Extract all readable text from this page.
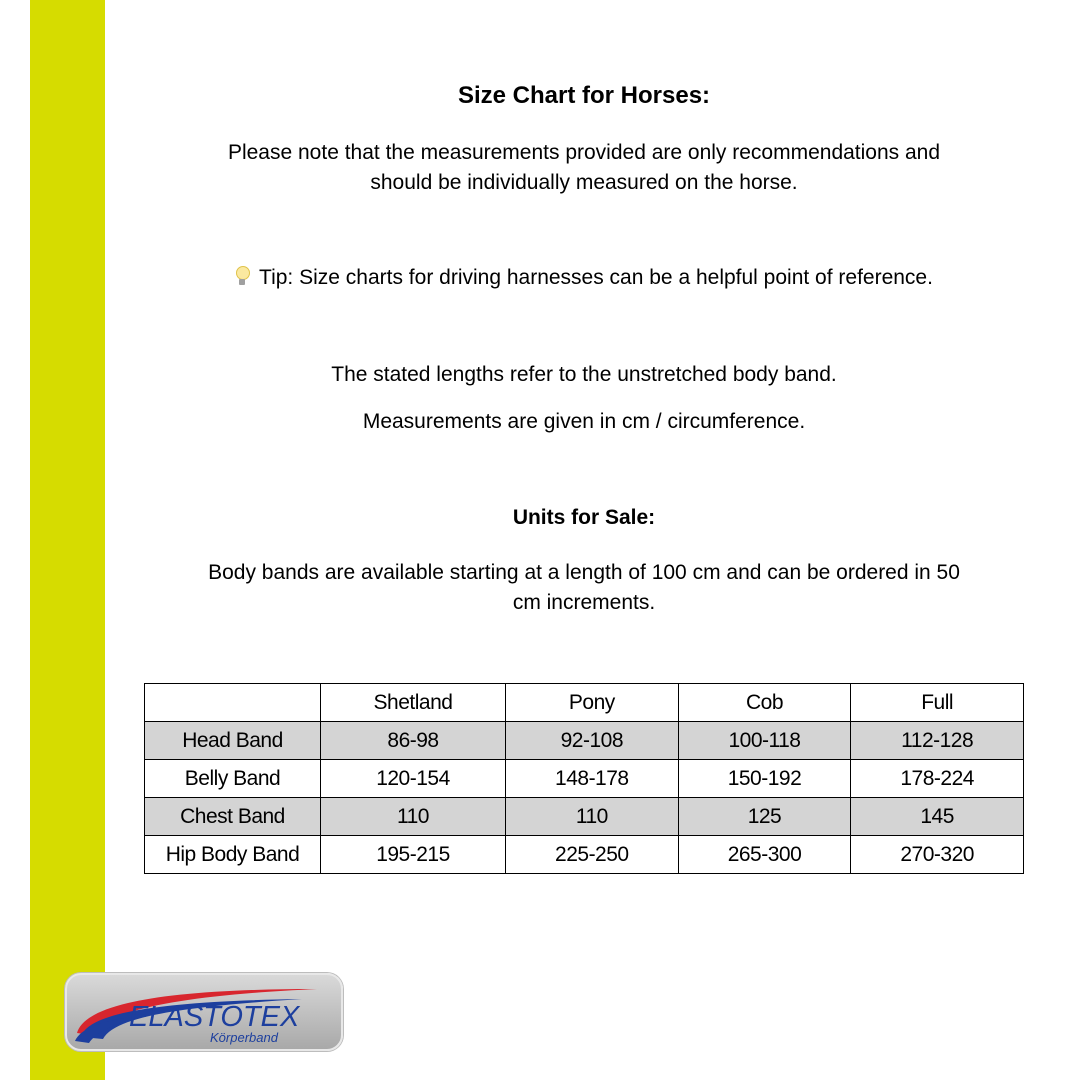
Size Chart for Horses:
Please note that the measurements provided are only recommendations and
should be individually measured on the horse.
Tip: Size charts for driving harnesses can be a helpful point of reference.
The stated lengths refer to the unstretched body band.
Measurements are given in cm / circumference.
Units for Sale:
Body bands are available starting at a length of 100 cm and can be ordered in 50
cm increments.
	Shetland	Pony	Cob	Full
Head Band	86-98	92-108	100-118	112-128
Belly Band	120-154	148-178	150-192	178-224
Chest Band	110	110	125	145
Hip Body Band	195-215	225-250	265-300	270-320
ELASTOTEX
Körperband
